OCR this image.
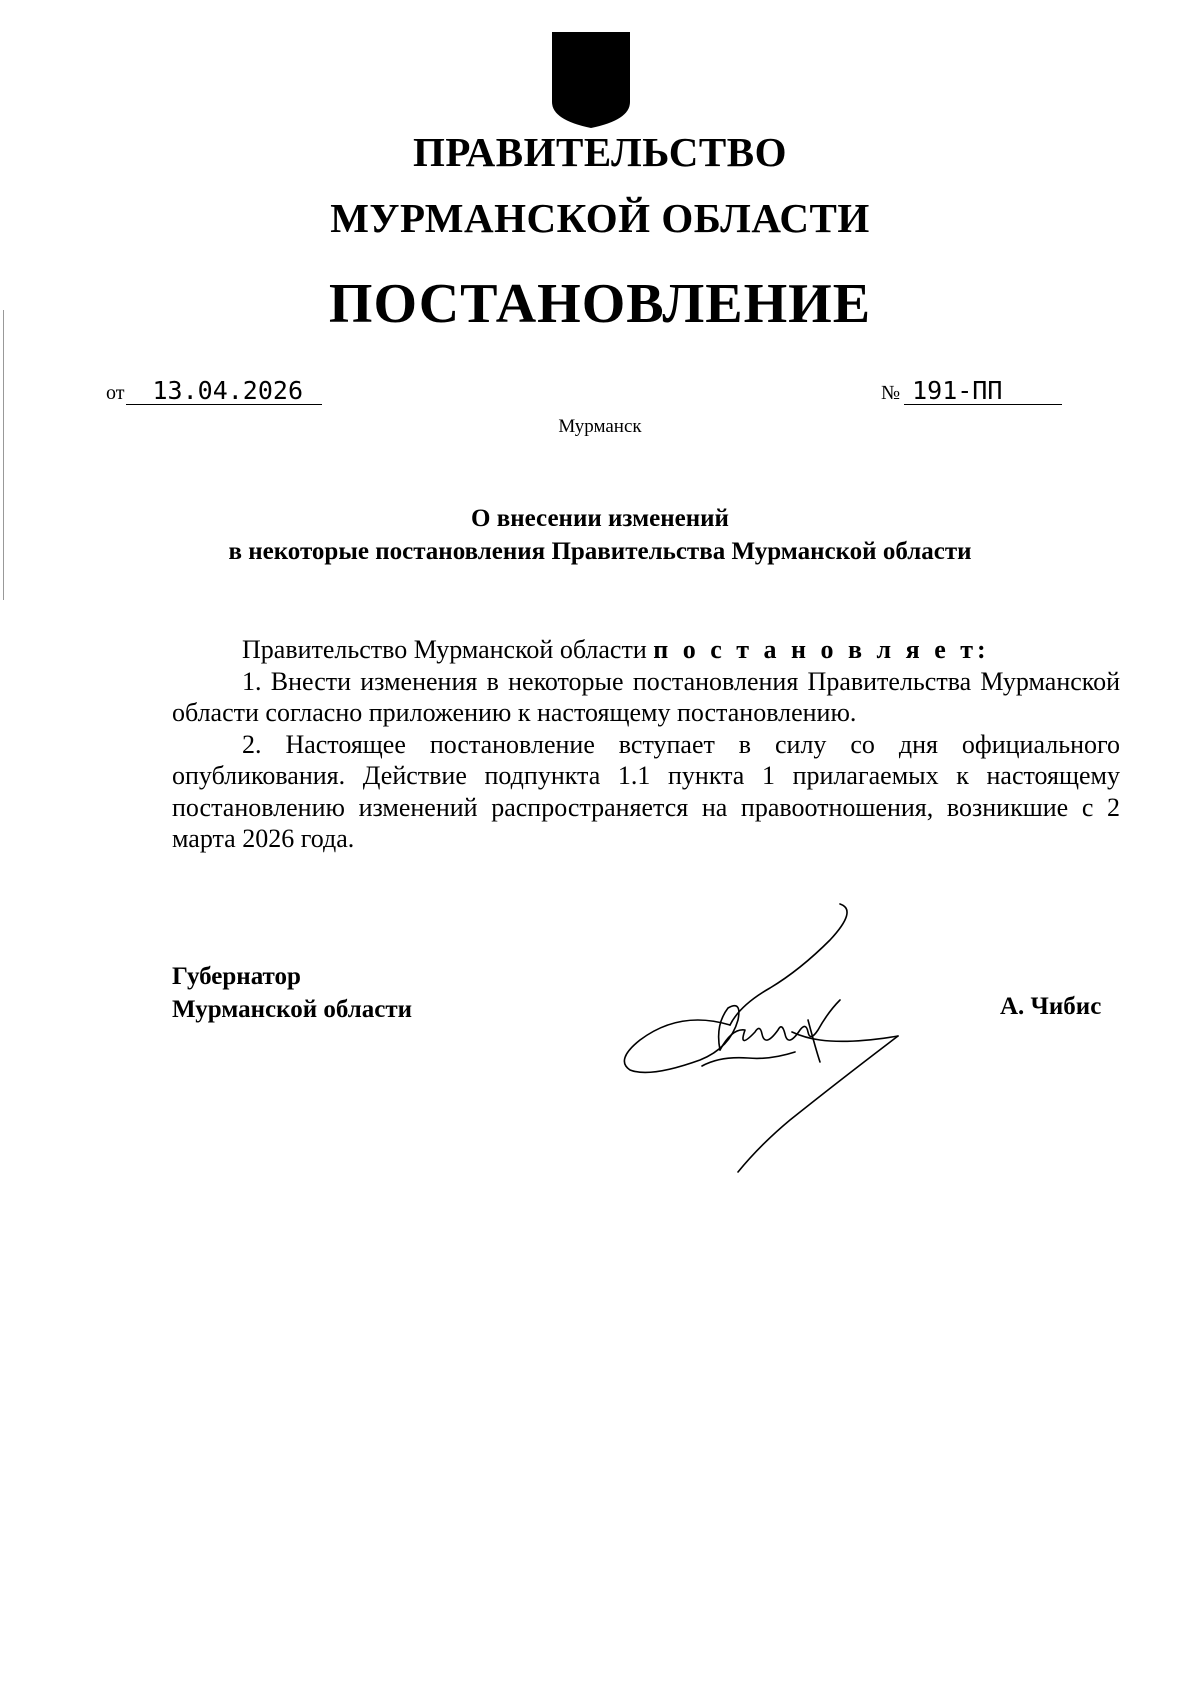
ПРАВИТЕЛЬСТВО
МУРМАНСКОЙ ОБЛАСТИ
ПОСТАНОВЛЕНИЕ
от 13.04.2026	№ 191-ПП
Мурманск
О внесении изменений
в некоторые постановления Правительства Мурманской области

Правительство Мурманской области п о с т а н о в л я е т:

1. Внести изменения в некоторые постановления Правительства Мурманской области согласно приложению к настоящему постановлению.

2. Настоящее постановление вступает в силу со дня официального опубликования. Действие подпункта 1.1 пункта 1 прилагаемых к настоящему постановлению изменений распространяется на правоотношения, возникшие с 2 марта 2026 года.

Губернатор
Мурманской области	А. Чибис
